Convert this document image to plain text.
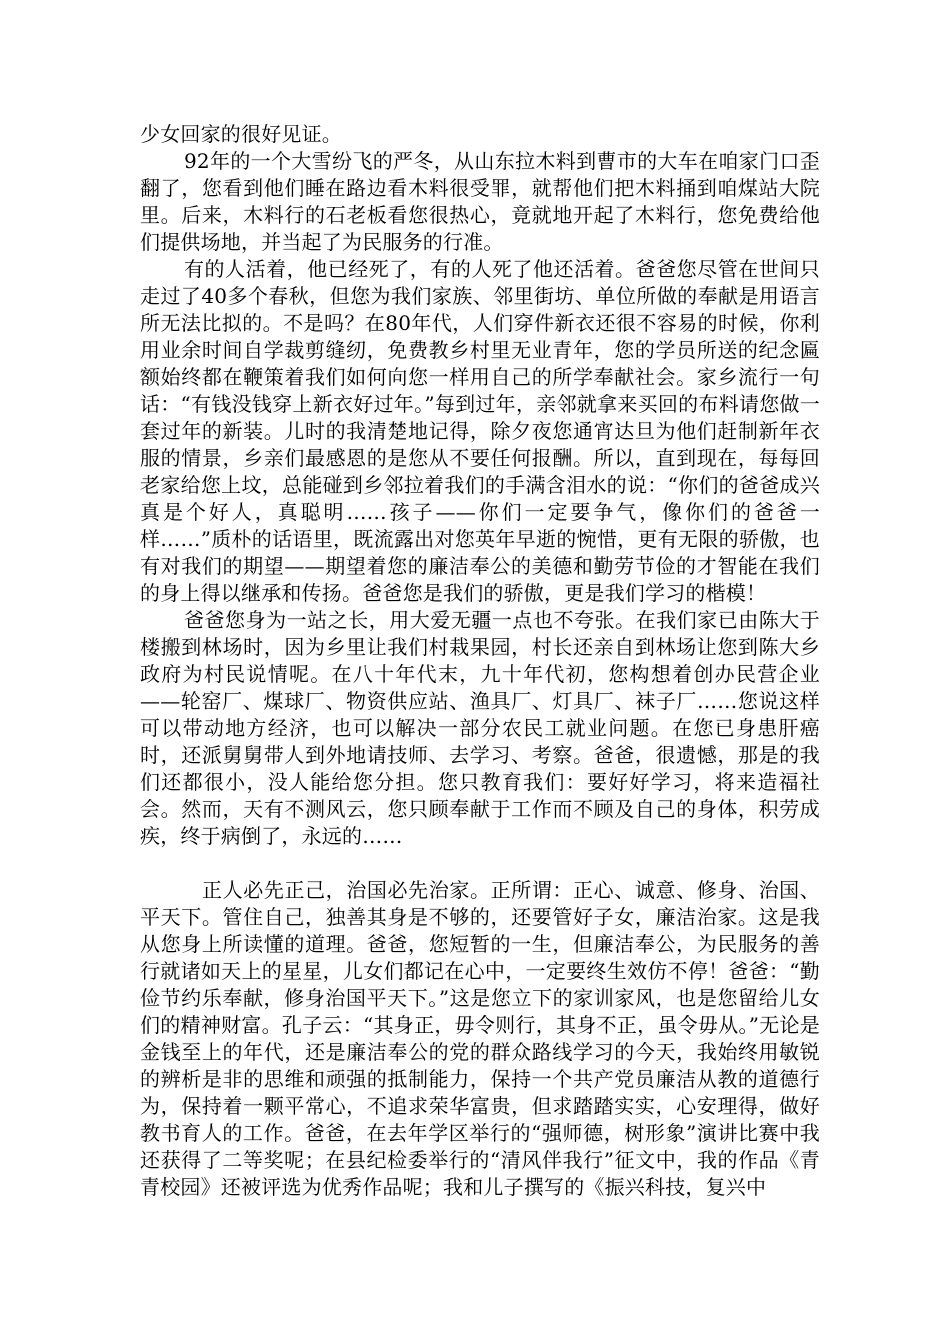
少女回家的很好见证。

92年的一个大雪纷飞的严冬，从山东拉木料到曹市的大车在咱家门口歪翻了，您看到他们睡在路边看木料很受罪，就帮他们把木料捅到咱煤站大院里。后来，木料行的石老板看您很热心，竟就地开起了木料行，您免费给他们提供场地，并当起了为民服务的行准。

有的人活着，他已经死了，有的人死了他还活着。爸爸您尽管在世间只走过了40多个春秋，但您为我们家族、邻里街坊、单位所做的奉献是用语言所无法比拟的。不是吗？在80年代，人们穿件新衣还很不容易的时候，你利用业余时间自学裁剪缝纫，免费教乡村里无业青年，您的学员所送的纪念匾额始终都在鞭策着我们如何向您一样用自己的所学奉献社会。家乡流行一句话：“有钱没钱穿上新衣好过年。”每到过年，亲邻就拿来买回的布料请您做一套过年的新装。儿时的我清楚地记得，除夕夜您通宵达旦为他们赶制新年衣服的情景，乡亲们最感恩的是您从不要任何报酬。所以，直到现在，每每回老家给您上坟，总能碰到乡邻拉着我们的手满含泪水的说：“你们的爸爸成兴真是个好人，真聪明……孩子——你们一定要争气，像你们的爸爸一样……”质朴的话语里，既流露出对您英年早逝的惋惜，更有无限的骄傲，也有对我们的期望——期望着您的廉洁奉公的美德和勤劳节俭的才智能在我们的身上得以继承和传扬。爸爸您是我们的骄傲，更是我们学习的楷模！

爸爸您身为一站之长，用大爱无疆一点也不夸张。在我们家已由陈大于楼搬到林场时，因为乡里让我们村栽果园，村长还亲自到林场让您到陈大乡政府为村民说情呢。在八十年代末，九十年代初，您构想着创办民营企业——轮窑厂、煤球厂、物资供应站、渔具厂、灯具厂、袜子厂……您说这样可以带动地方经济，也可以解决一部分农民工就业问题。在您已身患肝癌时，还派舅舅带人到外地请技师、去学习、考察。爸爸，很遗憾，那是的我们还都很小，没人能给您分担。您只教育我们：要好好学习，将来造福社会。然而，天有不测风云，您只顾奉献于工作而不顾及自己的身体，积劳成疾，终于病倒了，永远的……

正人必先正己，治国必先治家。正所谓：正心、诚意、修身、治国、平天下。管住自己，独善其身是不够的，还要管好子女，廉洁治家。这是我从您身上所读懂的道理。爸爸，您短暂的一生，但廉洁奉公，为民服务的善行就诸如天上的星星，儿女们都记在心中，一定要终生效仿不停！爸爸：“勤俭节约乐奉献，修身治国平天下。”这是您立下的家训家风，也是您留给儿女们的精神财富。孔子云：“其身正，毋令则行，其身不正，虽令毋从。”无论是金钱至上的年代，还是廉洁奉公的党的群众路线学习的今天，我始终用敏锐的辨析是非的思维和顽强的抵制能力，保持一个共产党员廉洁从教的道德行为，保持着一颗平常心，不追求荣华富贵，但求踏踏实实，心安理得，做好教书育人的工作。爸爸，在去年学区举行的“强师德，树形象”演讲比赛中我还获得了二等奖呢；在县纪检委举行的“清风伴我行”征文中，我的作品《青青校园》还被评选为优秀作品呢；我和儿子撰写的《振兴科技，复兴中
